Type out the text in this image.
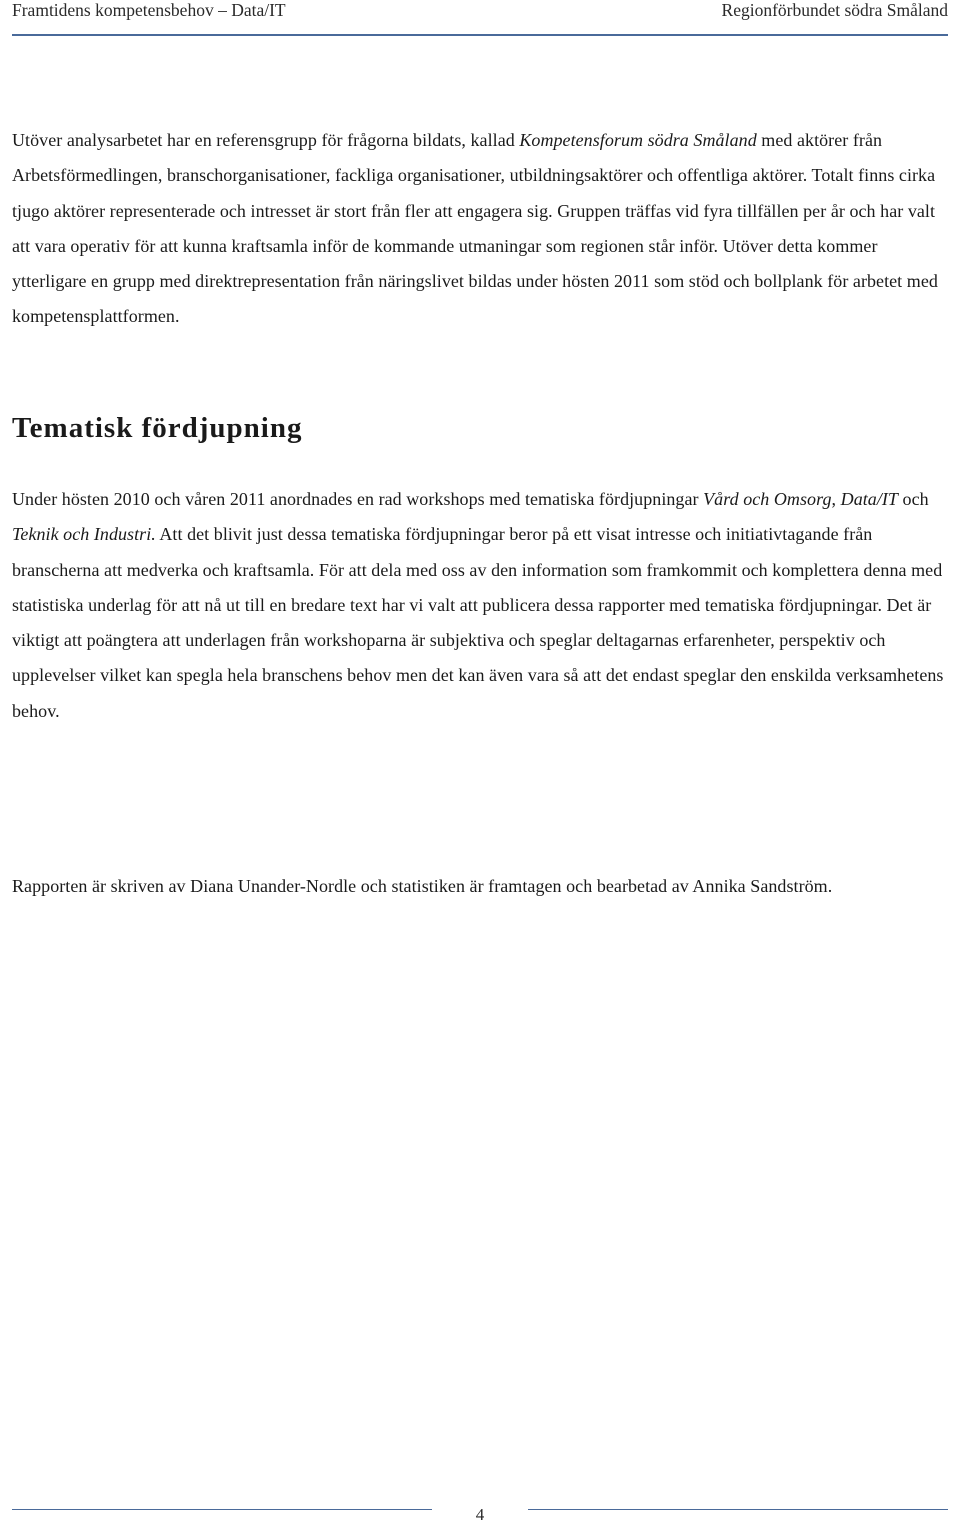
Framtidens kompetensbehov – Data/IT	Regionförbundet södra Småland

Utöver analysarbetet har en referensgrupp för frågorna bildats, kallad Kompetensforum södra Småland med aktörer från Arbetsförmedlingen, branschorganisationer, fackliga organisationer, utbildningsaktörer och offentliga aktörer. Totalt finns cirka tjugo aktörer representerade och intresset är stort från fler att engagera sig. Gruppen träffas vid fyra tillfällen per år och har valt att vara operativ för att kunna kraftsamla inför de kommande utmaningar som regionen står inför. Utöver detta kommer ytterligare en grupp med direktrepresentation från näringslivet bildas under hösten 2011 som stöd och bollplank för arbetet med kompetensplattformen.

Tematisk fördjupning

Under hösten 2010 och våren 2011 anordnades en rad workshops med tematiska fördjupningar Vård och Omsorg, Data/IT och Teknik och Industri. Att det blivit just dessa tematiska fördjupningar beror på ett visat intresse och initiativtagande från branscherna att medverka och kraftsamla. För att dela med oss av den information som framkommit och komplettera denna med statistiska underlag för att nå ut till en bredare text har vi valt att publicera dessa rapporter med tematiska fördjupningar. Det är viktigt att poängtera att underlagen från workshoparna är subjektiva och speglar deltagarnas erfarenheter, perspektiv och upplevelser vilket kan spegla hela branschens behov men det kan även vara så att det endast speglar den enskilda verksamhetens behov.

Rapporten är skriven av Diana Unander-Nordle och statistiken är framtagen och bearbetad av Annika Sandström.

4
